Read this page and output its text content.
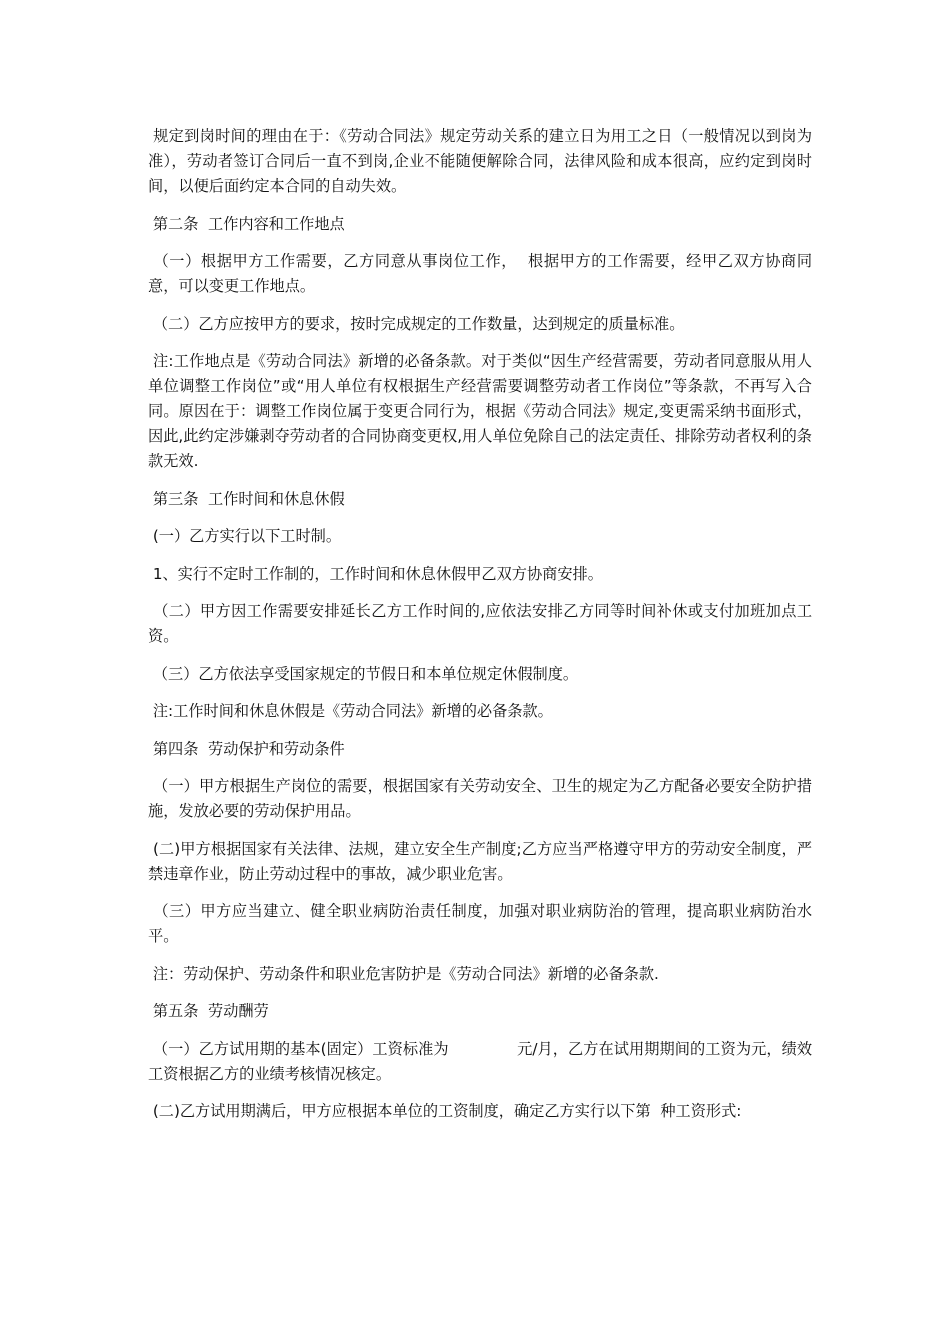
规定到岗时间的理由在于：《劳动合同法》规定劳动关系的建立日为用工之日（一般情况以到岗为准），劳动者签订合同后一直不到岗,企业不能随便解除合同，法律风险和成本很高，应约定到岗时间，以便后面约定本合同的自动失效。

第二条  工作内容和工作地点

（一）根据甲方工作需要，乙方同意从事岗位工作，  根据甲方的工作需要，经甲乙双方协商同意，可以变更工作地点。

（二）乙方应按甲方的要求，按时完成规定的工作数量，达到规定的质量标准。

注:工作地点是《劳动合同法》新增的必备条款。对于类似“因生产经营需要，劳动者同意服从用人单位调整工作岗位”或“用人单位有权根据生产经营需要调整劳动者工作岗位”等条款，不再写入合同。原因在于：调整工作岗位属于变更合同行为，根据《劳动合同法》规定,变更需采纳书面形式，因此,此约定涉嫌剥夺劳动者的合同协商变更权,用人单位免除自己的法定责任、排除劳动者权利的条款无效.

第三条  工作时间和休息休假

(一）乙方实行以下工时制。

1、实行不定时工作制的，工作时间和休息休假甲乙双方协商安排。

（二）甲方因工作需要安排延长乙方工作时间的,应依法安排乙方同等时间补休或支付加班加点工资。

（三）乙方依法享受国家规定的节假日和本单位规定休假制度。

注:工作时间和休息休假是《劳动合同法》新增的必备条款。

第四条  劳动保护和劳动条件

（一）甲方根据生产岗位的需要，根据国家有关劳动安全、卫生的规定为乙方配备必要安全防护措施，发放必要的劳动保护用品。

(二)甲方根据国家有关法律、法规，建立安全生产制度;乙方应当严格遵守甲方的劳动安全制度，严禁违章作业，防止劳动过程中的事故，减少职业危害。

（三）甲方应当建立、健全职业病防治责任制度，加强对职业病防治的管理，提高职业病防治水平。

注：劳动保护、劳动条件和职业危害防护是《劳动合同法》新增的必备条款.

第五条  劳动酬劳

（一）乙方试用期的基本(固定）工资标准为              元/月，乙方在试用期期间的工资为元，绩效工资根据乙方的业绩考核情况核定。

(二)乙方试用期满后，甲方应根据本单位的工资制度，确定乙方实行以下第  种工资形式:
